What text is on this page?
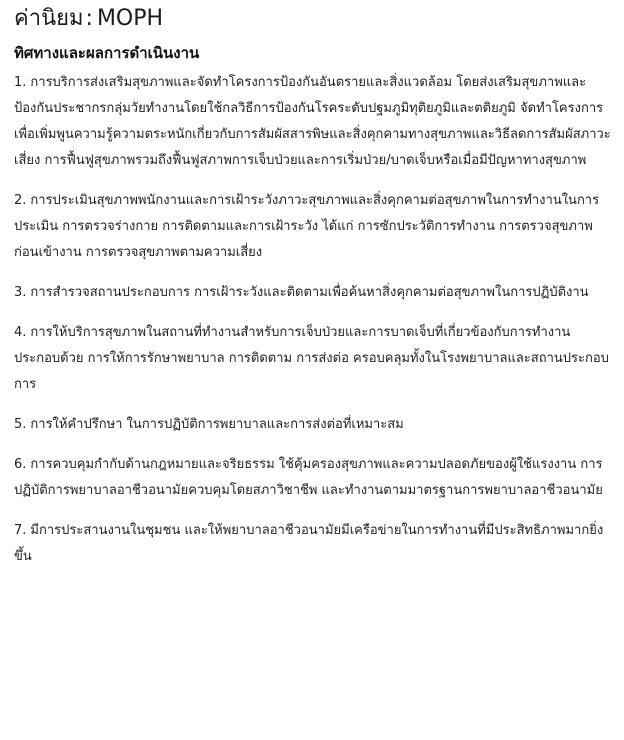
ค่านิยม: MOPH
ทิศทางและผลการดำเนินงาน

1. การบริการส่งเสริมสุขภาพและจัดทำโครงการป้องกันอันตรายและสิ่งแวดล้อม โดยส่งเสริมสุขภาพและป้องกันประชากรกลุ่มวัยทำงานโดยใช้กลวิธีการป้องกันโรคระดับปฐมภูมิทุติยภูมิและตติยภูมิ จัดทำโครงการเพื่อเพิ่มพูนความรู้ความตระหนักเกี่ยวกับการสัมผัสสารพิษและสิ่งคุกคามทางสุขภาพและวิธีลดการสัมผัสภาวะเสี่ยง การฟื้นฟูสุขภาพรวมถึงฟื้นฟูสภาพการเจ็บป่วยและการเริ่มป่วย/บาดเจ็บหรือเมื่อมีปัญหาทางสุขภาพ

2. การประเมินสุขภาพพนักงานและการเฝ้าระวังภาวะสุขภาพและสิ่งคุกคามต่อสุขภาพในการทำงานในการประเมิน การตรวจร่างกาย การติดตามและการเฝ้าระวัง ได้แก่ การซักประวัติการทำงาน การตรวจสุขภาพก่อนเข้างาน การตรวจสุขภาพตามความเสี่ยง

3. การสำรวจสถานประกอบการ การเฝ้าระวังและติดตามเพื่อค้นหาสิ่งคุกคามต่อสุขภาพในการปฏิบัติงาน

4. การให้บริการสุขภาพในสถานที่ทำงานสำหรับการเจ็บป่วยและการบาดเจ็บที่เกี่ยวข้องกับการทำงาน ประกอบด้วย การให้การรักษาพยาบาล การติดตาม การส่งต่อ ครอบคลุมทั้งในโรงพยาบาลและสถานประกอบการ

5. การให้คำปรึกษา ในการปฏิบัติการพยาบาลและการส่งต่อที่เหมาะสม

6. การควบคุมกำกับด้านกฎหมายและจริยธรรม ใช้คุ้มครองสุขภาพและความปลอดภัยของผู้ใช้แรงงาน การปฏิบัติการพยาบาลอาชีวอนามัยควบคุมโดยสภาวิชาชีพ และทำงานตามมาตรฐานการพยาบาลอาชีวอนามัย

7. มีการประสานงานในชุมชน และให้พยาบาลอาชีวอนามัยมีเครือข่ายในการทำงานที่มีประสิทธิภาพมากยิ่งขึ้น
